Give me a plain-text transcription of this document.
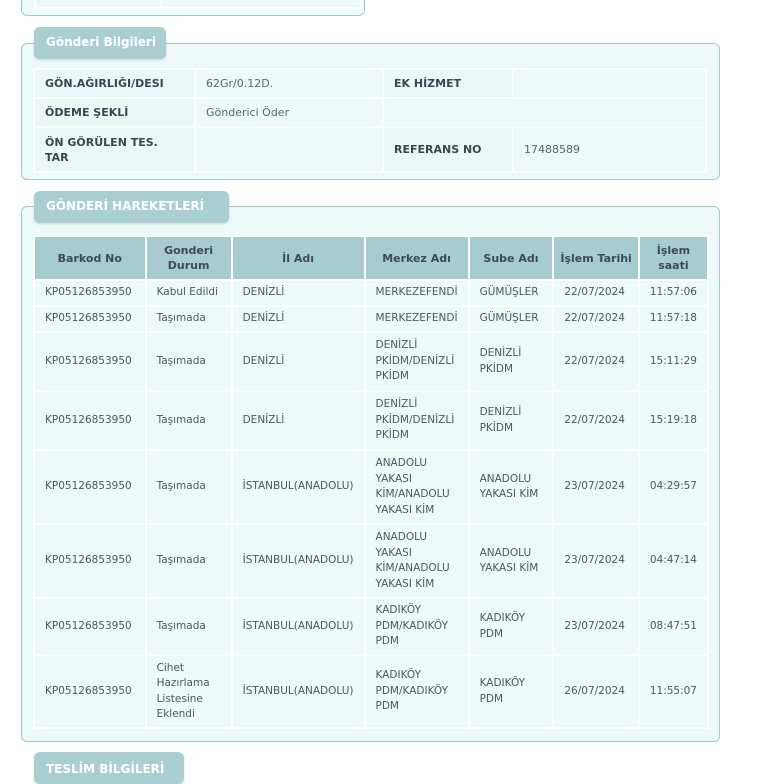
GÖN.AĞIRLIĞI/DESI	62Gr/0.12D.	EK HİZMET	
ÖDEME ŞEKLİ	Gönderici Öder		
ÖN GÖRÜLEN TES. TAR		REFERANS NO	17488589
Gönderi Bilgileri
Barkod No	Gonderi Durum	İl Adı	Merkez Adı	Sube Adı	İşlem Tarihi	İşlem saati
KP05126853950	Kabul Edildi	DENİZLİ	MERKEZEFENDİ	GÜMÜŞLER	22/07/2024	11:57:06
KP05126853950	Taşımada	DENİZLİ	MERKEZEFENDİ	GÜMÜŞLER	22/07/2024	11:57:18
KP05126853950	Taşımada	DENİZLİ	DENİZLİ PKİDM/DENİZLİ PKİDM	DENİZLİ PKİDM	22/07/2024	15:11:29
KP05126853950	Taşımada	DENİZLİ	DENİZLİ PKİDM/DENİZLİ PKİDM	DENİZLİ PKİDM	22/07/2024	15:19:18
KP05126853950	Taşımada	İSTANBUL(ANADOLU)	ANADOLU YAKASI KİM/ANADOLU YAKASI KİM	ANADOLU YAKASI KİM	23/07/2024	04:29:57
KP05126853950	Taşımada	İSTANBUL(ANADOLU)	ANADOLU YAKASI KİM/ANADOLU YAKASI KİM	ANADOLU YAKASI KİM	23/07/2024	04:47:14
KP05126853950	Taşımada	İSTANBUL(ANADOLU)	KADIKÖY PDM/KADIKÖY PDM	KADIKÖY PDM	23/07/2024	08:47:51
KP05126853950	Cihet Hazırlama Listesine Eklendi	İSTANBUL(ANADOLU)	KADIKÖY PDM/KADIKÖY PDM	KADIKÖY PDM	26/07/2024	11:55:07
GÖNDERİ HAREKETLERİ
TESLİM BİLGİLERİ
